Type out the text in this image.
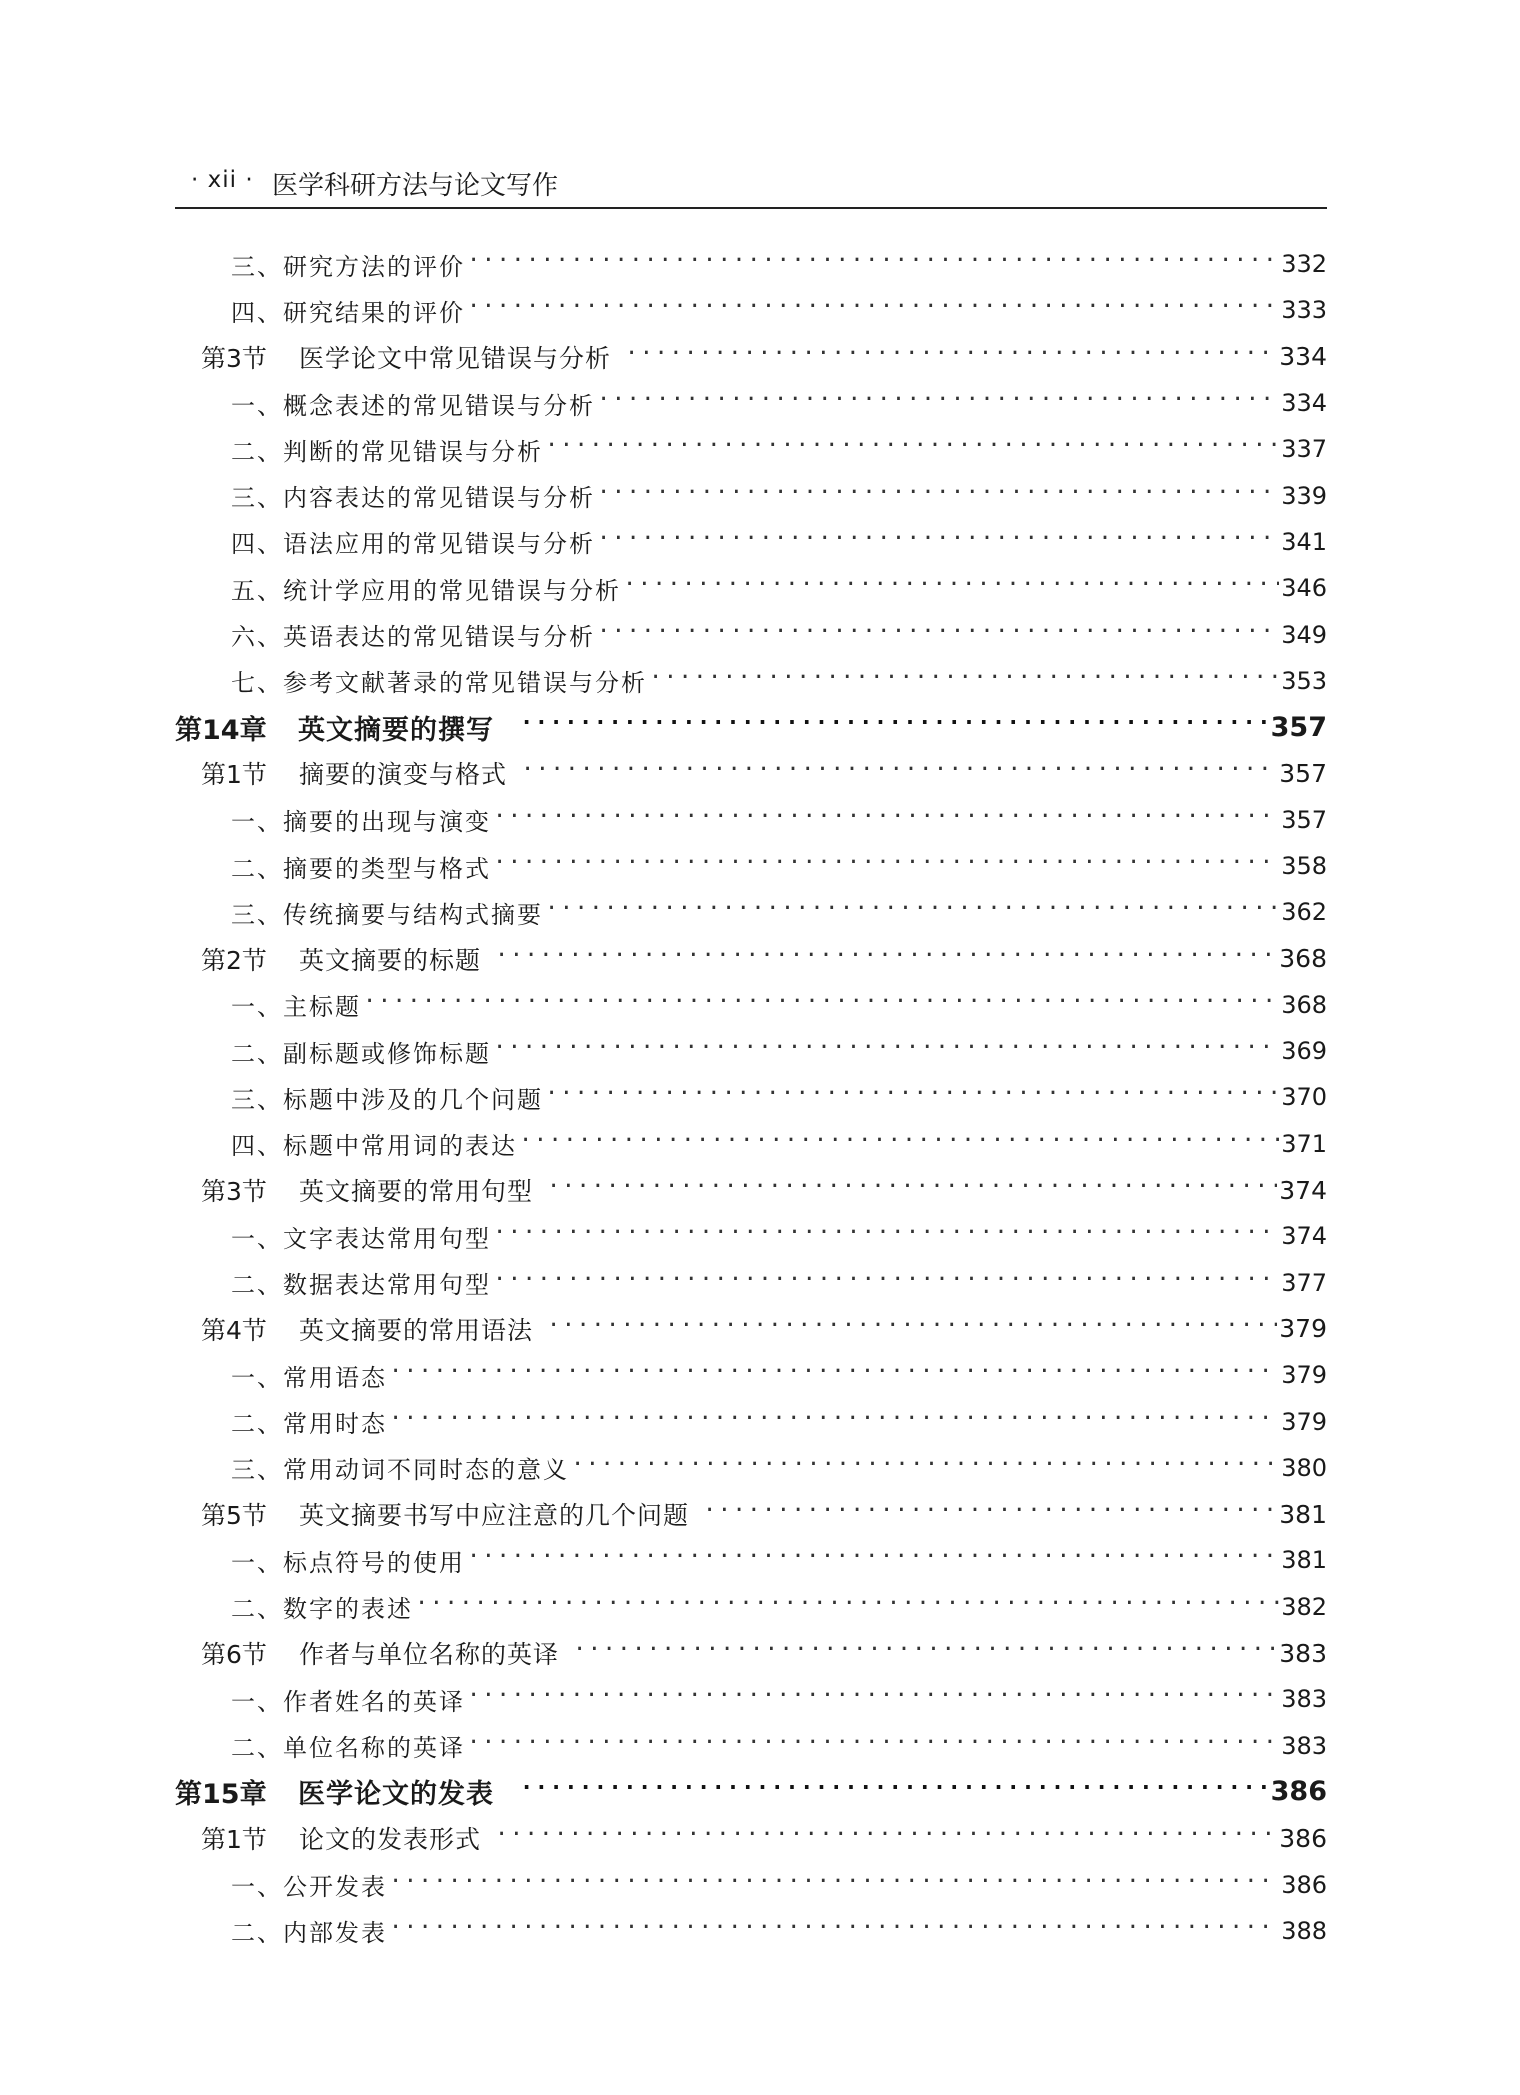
· xii · 医学科研方法与论文写作
三、研究方法的评价 ·····	332
四、研究结果的评价 ·····	333
第3节	医学论文中常见错误与分析 ·····	334
一、概念表述的常见错误与分析 ·····	334
二、判断的常见错误与分析 ·····	337
三、内容表达的常见错误与分析 ·····	339
四、语法应用的常见错误与分析 ·····	341
五、统计学应用的常见错误与分析 ·····	346
六、英语表达的常见错误与分析 ·····	349
七、参考文献著录的常见错误与分析 ·····	353
第14章	英文摘要的撰写 ·····	357
第1节	摘要的演变与格式 ·····	357
一、摘要的出现与演变 ·····	357
二、摘要的类型与格式 ·····	358
三、传统摘要与结构式摘要 ·····	362
第2节	英文摘要的标题 ·····	368
一、主标题 ·····	368
二、副标题或修饰标题 ·····	369
三、标题中涉及的几个问题 ·····	370
四、标题中常用词的表达 ·····	371
第3节	英文摘要的常用句型 ·····	374
一、文字表达常用句型 ·····	374
二、数据表达常用句型 ·····	377
第4节	英文摘要的常用语法 ·····	379
一、常用语态 ·····	379
二、常用时态 ·····	379
三、常用动词不同时态的意义 ·····	380
第5节	英文摘要书写中应注意的几个问题 ·····	381
一、标点符号的使用 ·····	381
二、数字的表述 ·····	382
第6节	作者与单位名称的英译 ·····	383
一、作者姓名的英译 ·····	383
二、单位名称的英译 ·····	383
第15章	医学论文的发表 ·····	386
第1节	论文的发表形式 ·····	386
一、公开发表 ·····	386
二、内部发表 ·····	388
